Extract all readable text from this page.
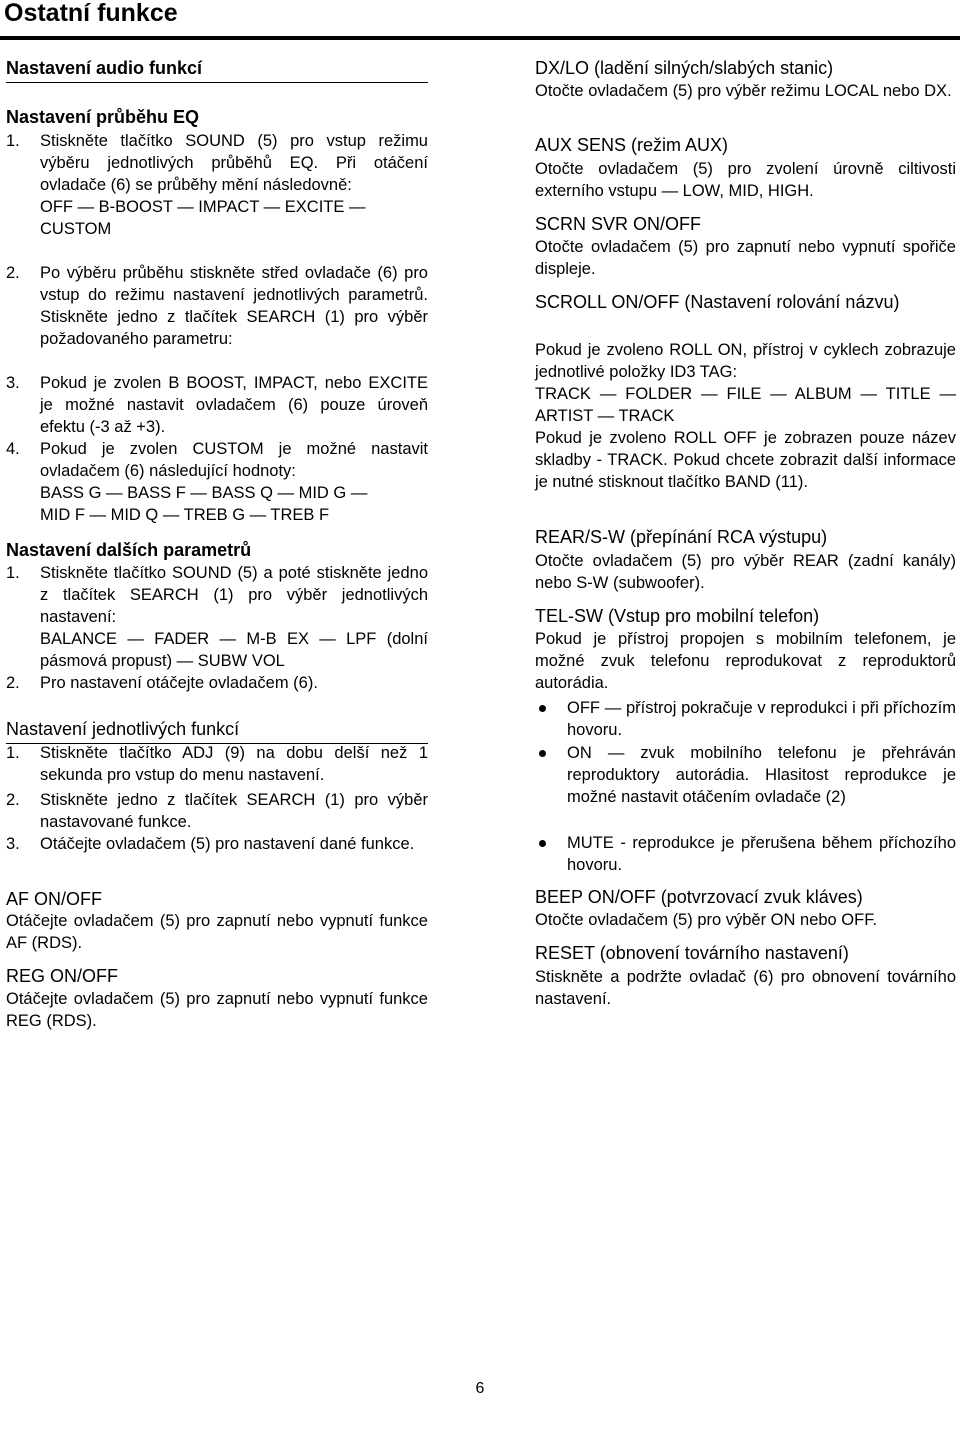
Ostatní funkce
Nastavení audio funkcí
Nastavení průběhu EQ
1. Stiskněte tlačítko SOUND (5) pro vstup režimu výběru jednotlivých průběhů EQ. Při otáčení ovladače (6) se průběhy mění následovně:
OFF — B-BOOST — IMPACT — EXCITE —
CUSTOM
2. Po výběru průběhu stiskněte střed ovladače (6) pro vstup do režimu nastavení jednotlivých parametrů. Stiskněte jedno z tlačítek SEARCH (1) pro výběr požadovaného parametru:
3. Pokud je zvolen B BOOST, IMPACT, nebo EXCITE je možné nastavit ovladačem (6) pouze úroveň efektu (-3 až +3).
4. Pokud je zvolen CUSTOM je možné nastavit ovladačem (6) následující hodnoty:
BASS G — BASS F — BASS Q — MID G —
MID F — MID Q — TREB G — TREB F
Nastavení dalších parametrů
1. Stiskněte tlačítko SOUND (5) a poté stiskněte jedno z tlačítek SEARCH (1) pro výběr jednotlivých nastavení:
BALANCE — FADER — M-B EX — LPF (dolní pásmová propust) — SUBW VOL
2. Pro nastavení otáčejte ovladačem (6).
Nastavení jednotlivých funkcí
1. Stiskněte tlačítko ADJ (9) na dobu delší než 1 sekunda pro vstup do menu nastavení.
2. Stiskněte jedno z tlačítek SEARCH (1) pro výběr nastavované funkce.
3. Otáčejte ovladačem (5) pro nastavení dané funkce.
AF ON/OFF

Otáčejte ovladačem (5) pro zapnutí nebo vypnutí funkce AF (RDS).

REG ON/OFF

Otáčejte ovladačem (5) pro zapnutí nebo vypnutí funkce REG (RDS).

DX/LO (ladění silných/slabých stanic)

Otočte ovladačem (5) pro výběr režimu LOCAL nebo DX.

AUX SENS (režim AUX)

Otočte ovladačem (5) pro zvolení úrovně ciltivosti externího vstupu — LOW, MID, HIGH.

SCRN SVR ON/OFF

Otočte ovladačem (5) pro zapnutí nebo vypnutí spořiče displeje.

SCROLL ON/OFF (Nastavení rolování názvu)

Pokud je zvoleno ROLL ON, přístroj v cyklech zobrazuje jednotlivé položky ID3 TAG:

TRACK — FOLDER — FILE — ALBUM — TITLE — ARTIST — TRACK

Pokud je zvoleno ROLL OFF je zobrazen pouze název skladby - TRACK. Pokud chcete zobrazit další informace je nutné stisknout tlačítko BAND (11).

REAR/S-W (přepínání RCA výstupu)

Otočte ovladačem (5) pro výběr REAR (zadní kanály) nebo S-W (subwoofer).

TEL-SW (Vstup pro mobilní telefon)

Pokud je přístroj propojen s mobilním telefonem, je možné zvuk telefonu reprodukovat z reproduktorů autorádia.

OFF — přístroj pokračuje v reprodukci i při příchozím hovoru.
ON — zvuk mobilního telefonu je přehráván reproduktory autorádia. Hlasitost reprodukce je možné nastavit otáčením ovladače (2)
MUTE - reprodukce je přerušena během příchozího hovoru.
BEEP ON/OFF (potvrzovací zvuk kláves)

Otočte ovladačem (5) pro výběr ON nebo OFF.

RESET (obnovení továrního nastavení)

Stiskněte a podržte ovladač (6) pro obnovení továrního nastavení.

6
